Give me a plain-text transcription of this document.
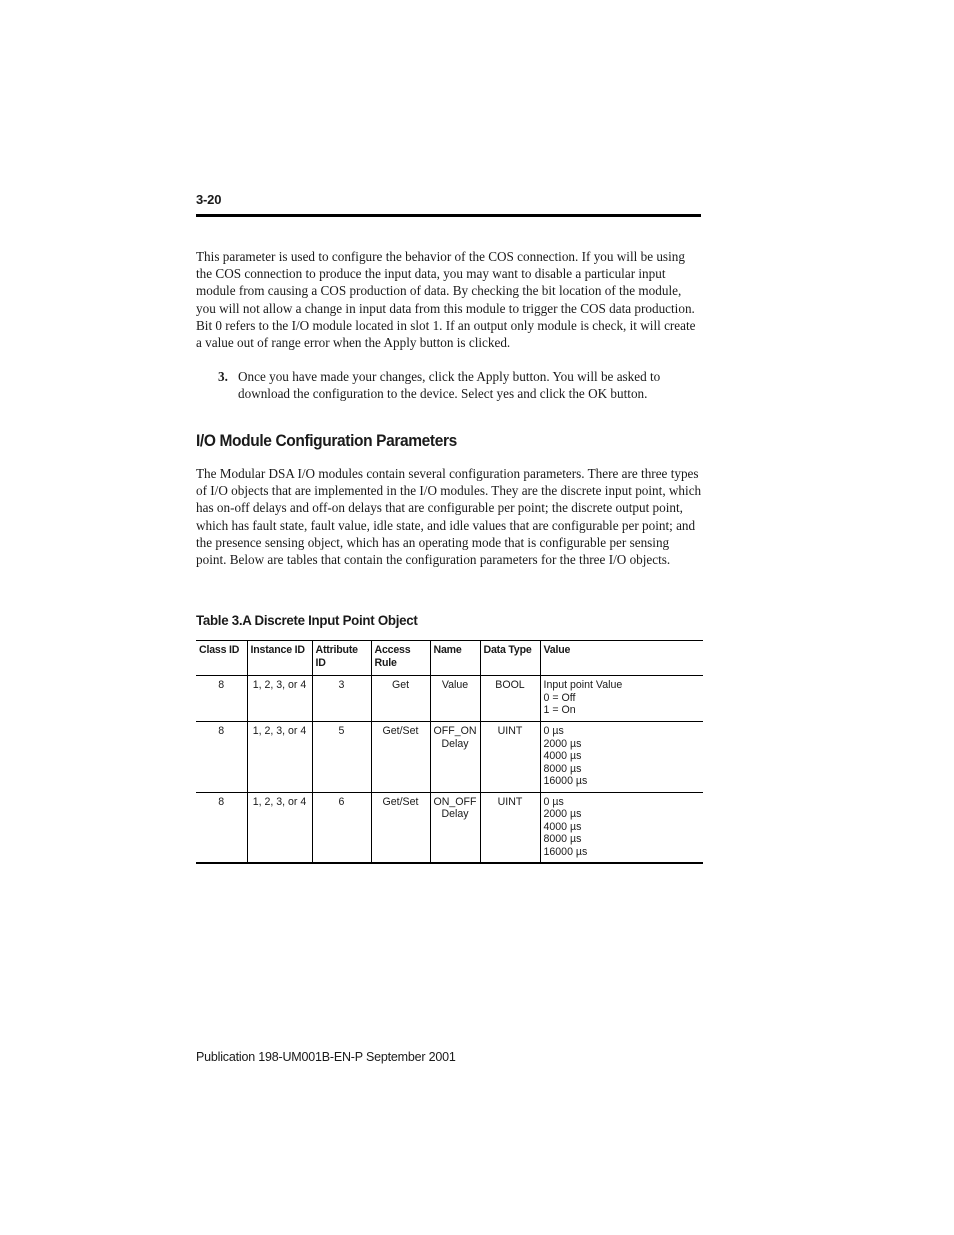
3-20

This parameter is used to configure the behavior of the COS connection. If you will be using the COS connection to produce the input data, you may want to disable a particular input module from causing a COS production of data. By checking the bit location of the module, you will not allow a change in input data from this module to trigger the COS data production. Bit 0 refers to the I/O module located in slot 1. If an output only module is check, it will create a value out of range error when the Apply button is clicked.

3. Once you have made your changes, click the Apply button. You will be asked to download the configuration to the device. Select yes and click the OK button.
I/O Module Configuration Parameters

The Modular DSA I/O modules contain several configuration parameters. There are three types of I/O objects that are implemented in the I/O modules. They are the discrete input point, which has on-off delays and off-on delays that are configurable per point; the discrete output point, which has fault state, fault value, idle state, and idle values that are configurable per point; and the presence sensing object, which has an operating mode that is configurable per sensing point. Below are tables that contain the configuration parameters for the three I/O objects.

Table 3.A Discrete Input Point Object
Class ID	Instance ID	Attribute ID	Access Rule	Name	Data Type	Value
8	1, 2, 3, or 4	3	Get	Value	BOOL	Input point Value
0 = Off
1 = On

8	1, 2, 3, or 4	5	Get/Set	OFF_ON
Delay	UINT	0 µs
2000 µs
4000 µs
8000 µs
16000 µs

8	1, 2, 3, or 4	6	Get/Set	ON_OFF
Delay	UINT	0 µs
2000 µs
4000 µs
8000 µs
16000 µs
Publication 198-UM001B-EN-P September 2001
